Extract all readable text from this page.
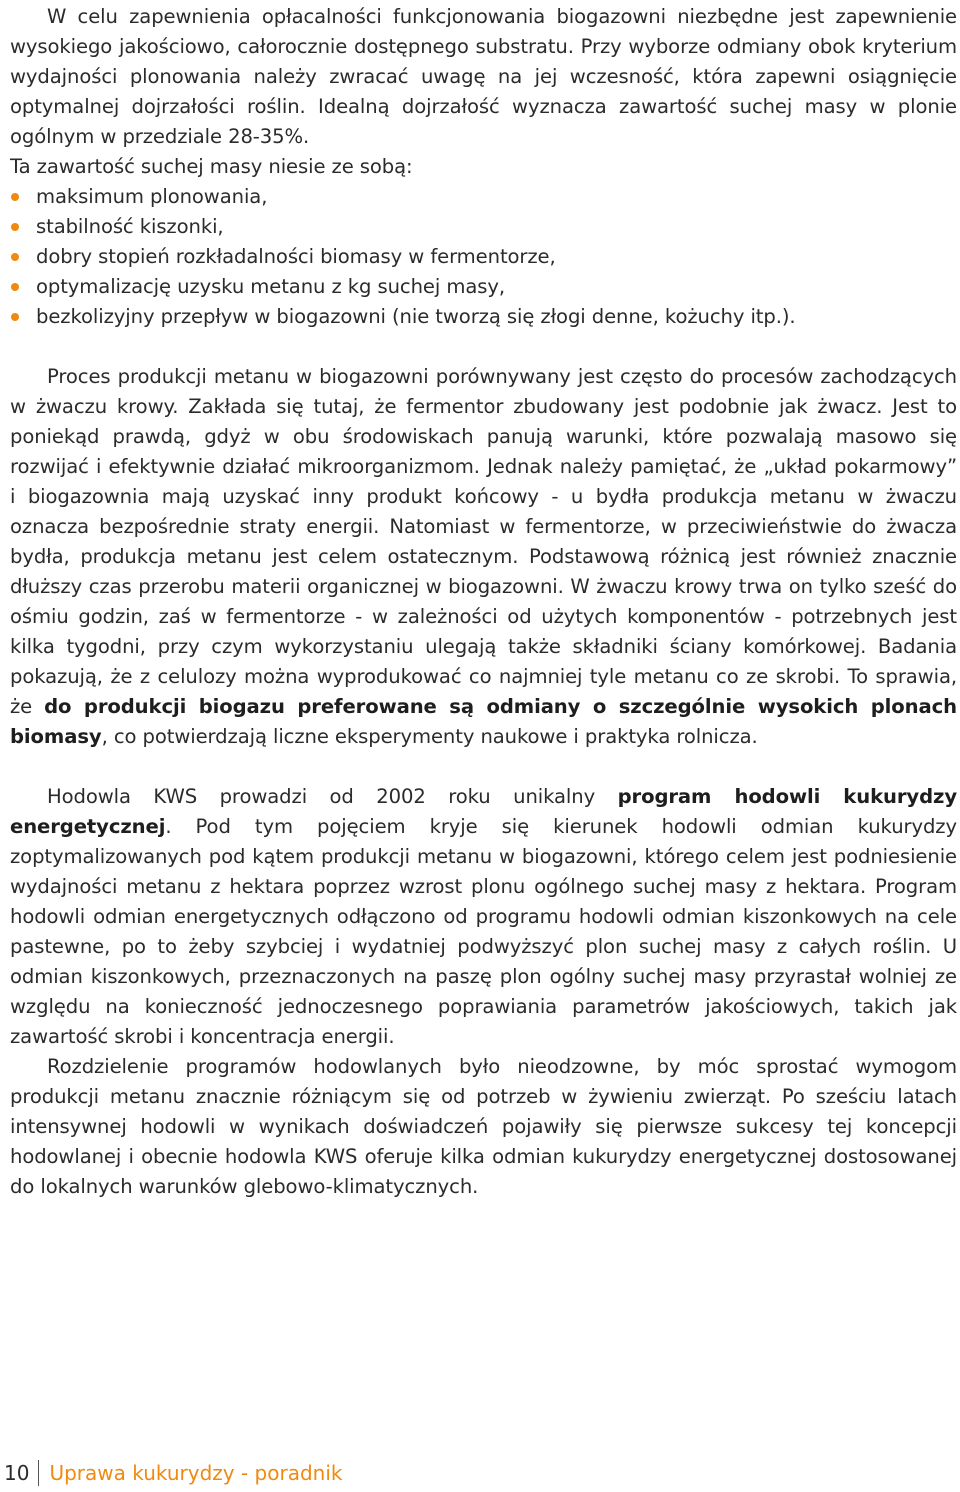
W celu zapewnienia opłacalności funkcjonowania biogazowni niezbędne jest zapewnienie wysokiego jakościowo, całorocznie dostępnego substratu. Przy wyborze odmiany obok kryterium wydajności plonowania należy zwracać uwagę na jej wczesność, która zapewni osiągnięcie optymalnej dojrzałości roślin. Idealną dojrzałość wyznacza zawartość suchej masy w plonie ogólnym w przedziale 28-35%.

Ta zawartość suchej masy niesie ze sobą:

maksimum plonowania,
stabilność kiszonki,
dobry stopień rozkładalności biomasy w fermentorze,
optymalizację uzysku metanu z kg suchej masy,
bezkolizyjny przepływ w biogazowni (nie tworzą się złogi denne, kożuchy itp.).

Proces produkcji metanu w biogazowni porównywany jest często do procesów zachodzących w żwaczu krowy. Zakłada się tutaj, że fermentor zbudowany jest podobnie jak żwacz. Jest to poniekąd prawdą, gdyż w obu środowiskach panują warunki, które pozwalają masowo się rozwijać i efektywnie działać mikroorganizmom. Jednak należy pamiętać, że „układ pokarmowy” i biogazownia mają uzyskać inny produkt końcowy - u bydła produkcja metanu w żwaczu oznacza bezpośrednie straty energii. Natomiast w fermentorze, w przeciwieństwie do żwacza bydła, produkcja metanu jest celem ostatecznym. Podstawową różnicą jest również znacznie dłuższy czas przerobu materii organicznej w biogazowni. W żwaczu krowy trwa on tylko sześć do ośmiu godzin, zaś w fermentorze - w zależności od użytych komponentów - potrzebnych jest kilka tygodni, przy czym wykorzystaniu ulegają także składniki ściany komórkowej. Badania pokazują, że z celulozy można wyprodukować co najmniej tyle metanu co ze skrobi. To sprawia, że do produkcji biogazu preferowane są odmiany o szczególnie wysokich plonach biomasy, co potwierdzają liczne eksperymenty naukowe i praktyka rolnicza.

Hodowla KWS prowadzi od 2002 roku unikalny program hodowli kukurydzy energetycznej. Pod tym pojęciem kryje się kierunek hodowli odmian kukurydzy zoptymalizowanych pod kątem produkcji metanu w biogazowni, którego celem jest podniesienie wydajności metanu z hektara poprzez wzrost plonu ogólnego suchej masy z hektara. Program hodowli odmian energetycznych odłączono od programu hodowli odmian kiszonkowych na cele pastewne, po to żeby szybciej i wydatniej podwyższyć plon suchej masy z całych roślin. U odmian kiszonkowych, przeznaczonych na paszę plon ogólny suchej masy przyrastał wolniej ze względu na konieczność jednoczesnego poprawiania parametrów jakościowych, takich jak zawartość skrobi i koncentracja energii.

Rozdzielenie programów hodowlanych było nieodzowne, by móc sprostać wymogom produkcji metanu znacznie różniącym się od potrzeb w żywieniu zwierząt. Po sześciu latach intensywnej hodowli w wynikach doświadczeń pojawiły się pierwsze sukcesy tej koncepcji hodowlanej i obecnie hodowla KWS oferuje kilka odmian kukurydzy energetycznej dostosowanej do lokalnych warunków glebowo-klimatycznych.

10 Uprawa kukurydzy - poradnik
